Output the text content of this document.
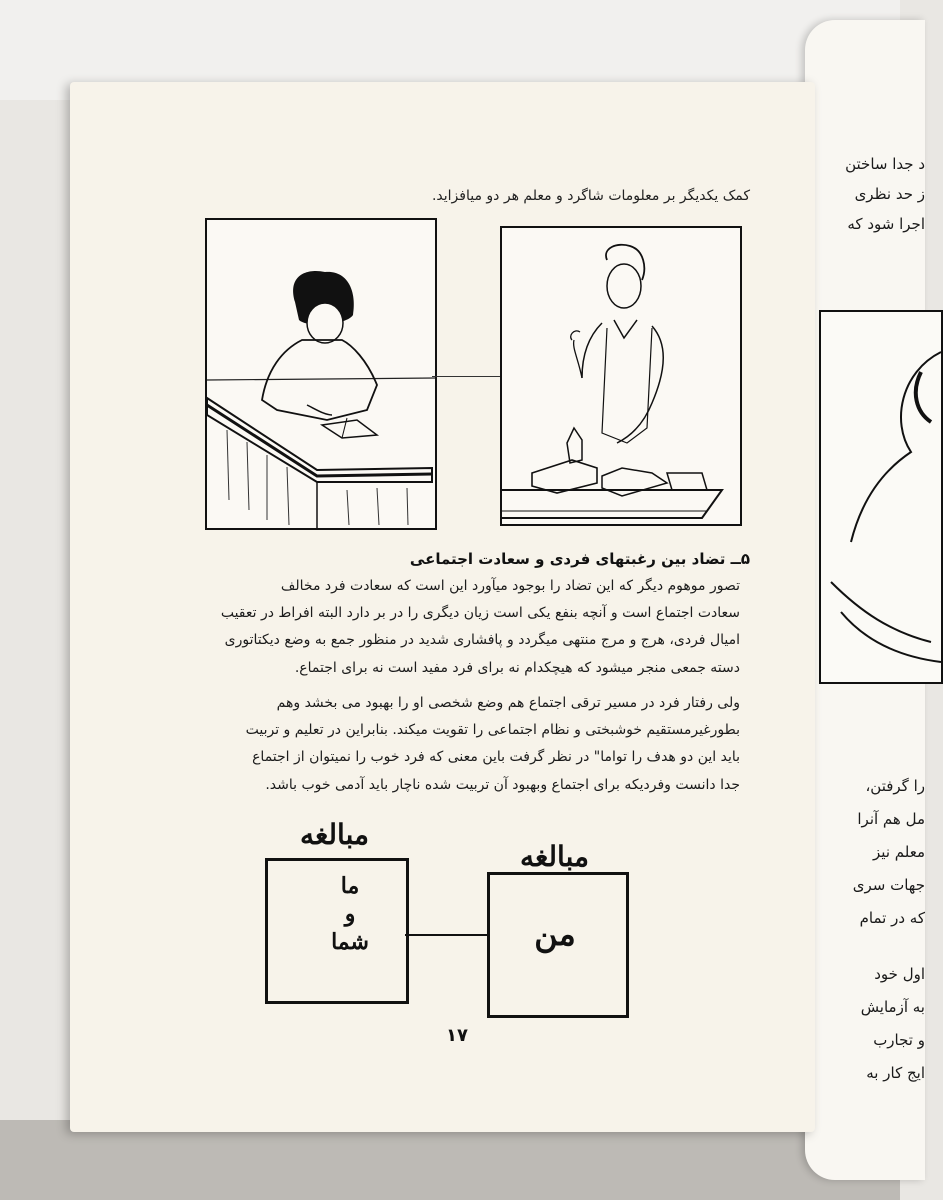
د جدا ساختن
ز حد نظری
اجرا شود که
را گرفتن،
مل هم آنرا
معلم نیز
جهات سری
که در تمام
اول خود
به آزمایش
و تجارب
ایج کار به
کمک یکدیگر بر معلومات شاگرد و معلم هر دو میافزاید.
۵ــ تضاد بین رغبتهای فردی و سعادت اجتماعی
تصور موهوم دیگر که این تضاد را بوجود میآورد این است که سعادت فرد مخالف
سعادت اجتماع است و آنچه بنفع یکی است زیان دیگری را در بر دارد البته افراط در تعقیب
امیال فردی، هرج و مرج منتهی میگردد و پافشاری شدید در منظور جمع به وضع دیکتاتوری
دسته جمعی منجر میشود که هیچکدام نه برای فرد مفید است نه برای اجتماع.
ولی رفتار فرد در مسیر ترقی اجتماع هم وضع شخصی او را بهبود می بخشد وهم
بطورغیرمستقیم خوشبختی و نظام اجتماعی را تقویت میکند. بنابراین در تعلیم و تربیت
باید این دو هدف را تواما" در نظر گرفت باین معنی که فرد خوب را نمیتوان از اجتماع
جدا دانست وفردیکه برای اجتماع وبهبود آن تربیت شده ناچار باید آدمی خوب باشد.
مبالغه
مبالغه
ما
و
شما	من
۱۷
